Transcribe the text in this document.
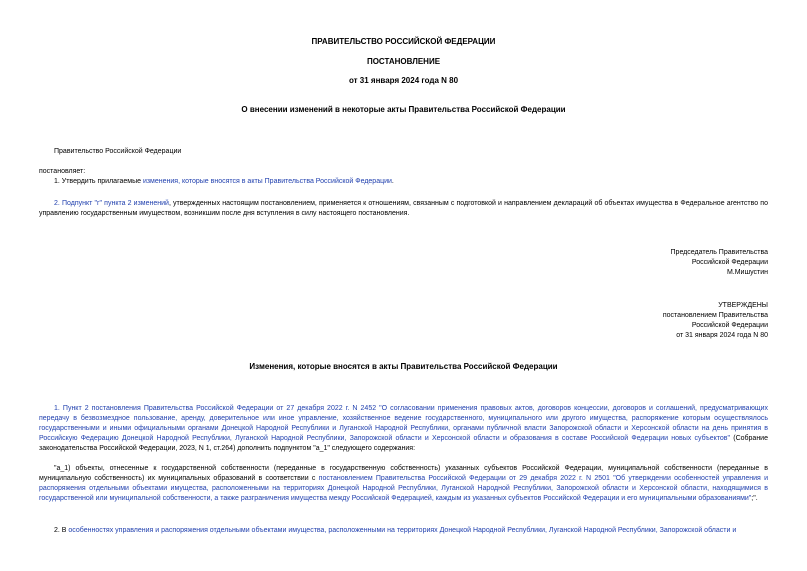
ПРАВИТЕЛЬСТВО РОССИЙСКОЙ ФЕДЕРАЦИИ
ПОСТАНОВЛЕНИЕ
от 31 января 2024 года N 80
О внесении изменений в некоторые акты Правительства Российской Федерации
Правительство Российской Федерации
постановляет:
1. Утвердить прилагаемые изменения, которые вносятся в акты Правительства Российской Федерации.
2. Подпункт "г" пункта 2 изменений, утвержденных настоящим постановлением, применяется к отношениям, связанным с подготовкой и направлением деклараций об объектах имущества в Федеральное агентство по управлению государственным имуществом, возникшим после дня вступления в силу настоящего постановления.
Председатель Правительства
Российской Федерации
М.Мишустин
УТВЕРЖДЕНЫ
постановлением Правительства
Российской Федерации
от 31 января 2024 года N 80
Изменения, которые вносятся в акты Правительства Российской Федерации
1. Пункт 2 постановления Правительства Российской Федерации от 27 декабря 2022 г. N 2452 "О согласовании применения правовых актов, договоров концессии, договоров и соглашений, предусматривающих передачу в безвозмездное пользование, аренду, доверительное или иное управление, хозяйственное ведение государственного, муниципального или другого имущества, распоряжение которым осуществлялось государственными и иными официальными органами Донецкой Народной Республики и Луганской Народной Республики, органами публичной власти Запорожской области и Херсонской области на день принятия в Российскую Федерацию Донецкой Народной Республики, Луганской Народной Республики, Запорожской области и Херсонской области и образования в составе Российской Федерации новых субъектов" (Собрание законодательства Российской Федерации, 2023, N 1, ст.264) дополнить подпунктом "а_1" следующего содержания:
"а_1) объекты, отнесенные к государственной собственности (переданные в государственную собственность) указанных субъектов Российской Федерации, муниципальной собственности (переданные в муниципальную собственность) их муниципальных образований в соответствии с постановлением Правительства Российской Федерации от 29 декабря 2022 г. N 2501 "Об утверждении особенностей управления и распоряжения отдельными объектами имущества, расположенными на территориях Донецкой Народной Республики, Луганской Народной Республики, Запорожской области и Херсонской области, находящимися в государственной или муниципальной собственности, а также разграничения имущества между Российской Федерацией, каждым из указанных субъектов Российской Федерации и его муниципальными образованиями";".
2. В особенностях управления и распоряжения отдельными объектами имущества, расположенными на территориях Донецкой Народной Республики, Луганской Народной Республики, Запорожской области и
